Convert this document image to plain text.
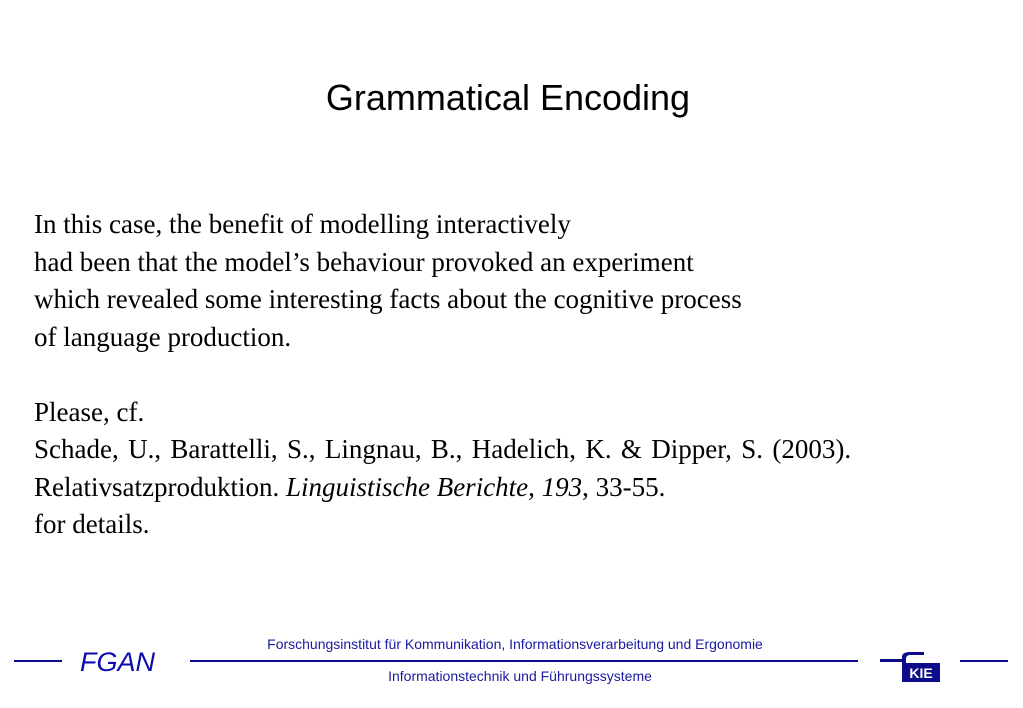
Grammatical Encoding
In this case, the benefit of modelling interactively
had been that the model’s behaviour provoked an experiment
which revealed some interesting facts about the cognitive process
of language production.
Please, cf.
Schade, U., Barattelli, S., Lingnau, B., Hadelich, K. & Dipper, S. (2003).
Relativsatzproduktion. Linguistische Berichte, 193, 33-55.
for details.
FGAN
Forschungsinstitut für Kommunikation, Informationsverarbeitung und Ergonomie
Informationstechnik und Führungssysteme	KIE
